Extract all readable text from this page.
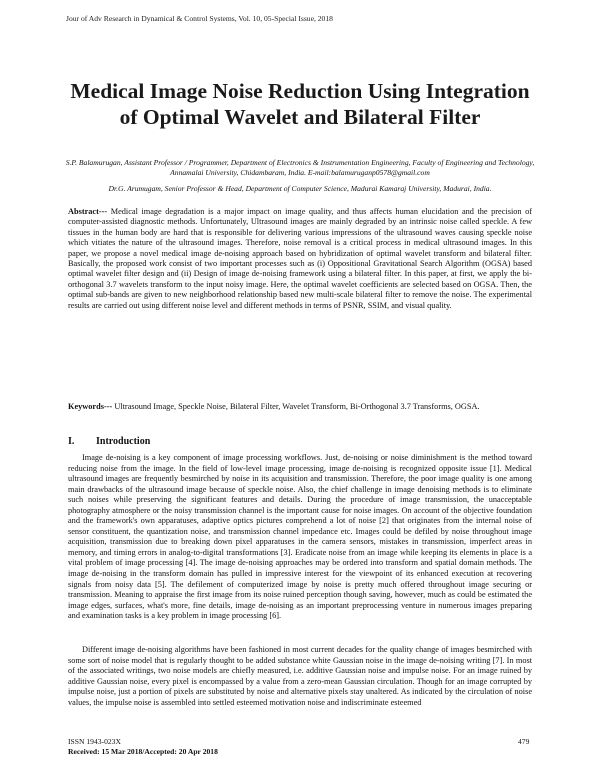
Jour of Adv Research in Dynamical & Control Systems, Vol. 10, 05-Special Issue, 2018
Medical Image Noise Reduction Using Integration of Optimal Wavelet and Bilateral Filter
S.P. Balamurugan, Assistant Professor / Programmer, Department of Electronics & Instrumentation Engineering, Faculty of Engineering and Technology, Annamalai University, Chidambaram, India. E-mail:balamuruganp0578@gmail.com
Dr.G. Arumugam, Senior Professor & Head, Department of Computer Science, Madurai Kamaraj University, Madurai, India.
Abstract--- Medical image degradation is a major impact on image quality, and thus affects human elucidation and the precision of computer-assisted diagnostic methods. Unfortunately, Ultrasound images are mainly degraded by an intrinsic noise called speckle. A few tissues in the human body are hard that is responsible for delivering various impressions of the ultrasound waves causing speckle noise which vitiates the nature of the ultrasound images. Therefore, noise removal is a critical process in medical ultrasound images. In this paper, we propose a novel medical image de-noising approach based on hybridization of optimal wavelet transform and bilateral filter. Basically, the proposed work consist of two important processes such as (i) Oppositional Gravitational Search Algorithm (OGSA) based optimal wavelet filter design and (ii) Design of image de-noising framework using a bilateral filter. In this paper, at first, we apply the bi-orthogonal 3.7 wavelets transform to the input noisy image. Here, the optimal wavelet coefficients are selected based on OGSA. Then, the optimal sub-bands are given to new neighborhood relationship based new multi-scale bilateral filter to remove the noise. The experimental results are carried out using different noise level and different methods in terms of PSNR, SSIM, and visual quality.
Keywords--- Ultrasound Image, Speckle Noise, Bilateral Filter, Wavelet Transform, Bi-Orthogonal 3.7 Transforms, OGSA.
I. Introduction

Image de-noising is a key component of image processing workflows. Just, de-noising or noise diminishment is the method toward reducing noise from the image. In the field of low-level image processing, image de-noising is recognized opposite issue [1]. Medical ultrasound images are frequently besmirched by noise in its acquisition and transmission. Therefore, the poor image quality is one among main drawbacks of the ultrasound image because of speckle noise. Also, the chief challenge in image denoising methods is to eliminate such noises while preserving the significant features and details. During the procedure of image transmission, the unacceptable photography atmosphere or the noisy transmission channel is the important cause for noise images. On account of the objective foundation and the framework's own apparatuses, adaptive optics pictures comprehend a lot of noise [2] that originates from the internal noise of sensor constituent, the quantization noise, and transmission channel impedance etc. Images could be defiled by noise throughout image acquisition, transmission due to breaking down pixel apparatuses in the camera sensors, mistakes in transmission, imperfect areas in memory, and timing errors in analog-to-digital transformations [3]. Eradicate noise from an image while keeping its elements in place is a vital problem of image processing [4]. The image de-noising approaches may be ordered into transform and spatial domain methods. The image de-noising in the transform domain has pulled in impressive interest for the viewpoint of its enhanced execution at recovering signals from noisy data [5]. The defilement of computerized image by noise is pretty much offered throughout image securing or transmission. Meaning to appraise the first image from its noise ruined perception though saving, however, much as could be estimated the image edges, surfaces, what's more, fine details, image de-noising as an important preprocessing venture in numerous images preparing and examination tasks is a key problem in image processing [6].

Different image de-noising algorithms have been fashioned in most current decades for the quality change of images besmirched with some sort of noise model that is regularly thought to be added substance white Gaussian noise in the image de-noising writing [7]. In most of the associated writings, two noise models are chiefly measured, i.e. additive Gaussian noise and impulse noise. For an image ruined by additive Gaussian noise, every pixel is encompassed by a value from a zero-mean Gaussian circulation. Though for an image corrupted by impulse noise, just a portion of pixels are substituted by noise and alternative pixels stay unaltered. As indicated by the circulation of noise values, the impulse noise is assembled into settled esteemed motivation noise and indiscriminate esteemed

ISSN 1943-023X
Received: 15 Mar 2018/Accepted: 20 Apr 2018
479
